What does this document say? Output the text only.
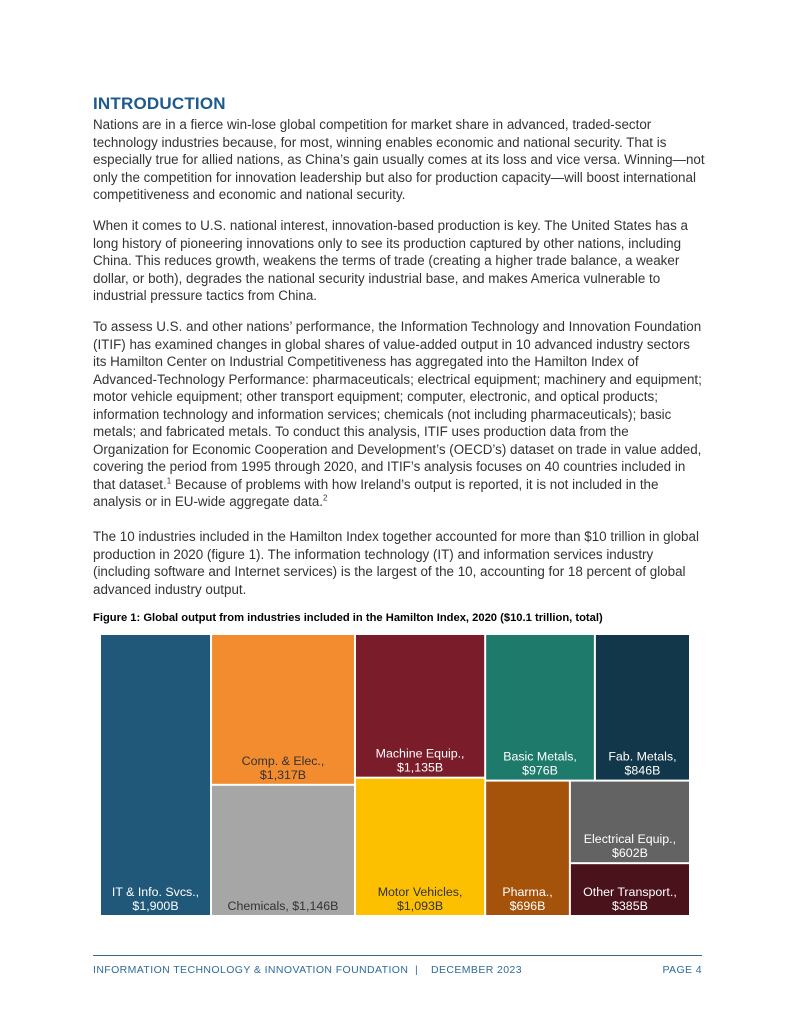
INTRODUCTION

Nations are in a fierce win-lose global competition for market share in advanced, traded-sector technology industries because, for most, winning enables economic and national security. That is especially true for allied nations, as China’s gain usually comes at its loss and vice versa. Winning—not only the competition for innovation leadership but also for production capacity—will boost international competitiveness and economic and national security.

When it comes to U.S. national interest, innovation-based production is key. The United States has a long history of pioneering innovations only to see its production captured by other nations, including China. This reduces growth, weakens the terms of trade (creating a higher trade balance, a weaker dollar, or both), degrades the national security industrial base, and makes America vulnerable to industrial pressure tactics from China.

To assess U.S. and other nations’ performance, the Information Technology and Innovation Foundation (ITIF) has examined changes in global shares of value-added output in 10 advanced industry sectors its Hamilton Center on Industrial Competitiveness has aggregated into the Hamilton Index of Advanced-Technology Performance: pharmaceuticals; electrical equipment; machinery and equipment; motor vehicle equipment; other transport equipment; computer, electronic, and optical products; information technology and information services; chemicals (not including pharmaceuticals); basic metals; and fabricated metals. To conduct this analysis, ITIF uses production data from the Organization for Economic Cooperation and Development’s (OECD’s) dataset on trade in value added, covering the period from 1995 through 2020, and ITIF’s analysis focuses on 40 countries included in that dataset.$^1$ Because of problems with how Ireland’s output is reported, it is not included in the analysis or in EU-wide aggregate data.$^2$

The 10 industries included in the Hamilton Index together accounted for more than $10 trillion in global production in 2020 (figure 1). The information technology (IT) and information services industry (including software and Internet services) is the largest of the 10, accounting for 18 percent of global advanced industry output.

Figure 1: Global output from industries included in the Hamilton Index, 2020 ($10.1 trillion, total)

IT & Info. Svcs.,
$1,900B
Comp. & Elec.,
$1,317B
Chemicals, $1,146B
Machine Equip.,
$1,135B
Motor Vehicles,
$1,093B
Basic Metals,
$976B
Fab. Metals,
$846B
Pharma.,
$696B
Electrical Equip.,
$602B
Other Transport.,
$385B
INFORMATION TECHNOLOGY & INNOVATION FOUNDATION | DECEMBER 2023	PAGE 4
